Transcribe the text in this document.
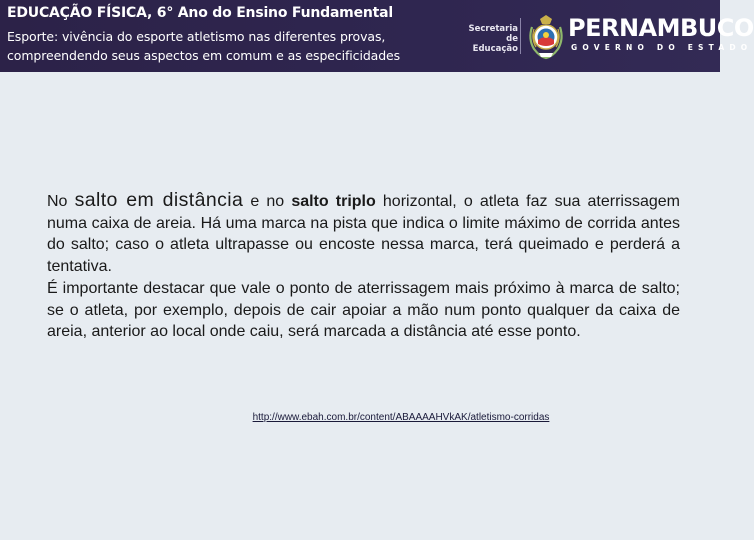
EDUCAÇÃO FÍSICA, 6° Ano do Ensino Fundamental
Esporte: vivência do esporte atletismo nas diferentes provas,
compreendendo seus aspectos em comum e as especificidades
Secretaria de
Educação
PERNAMBUCO
GOVERNO DO ESTADO

No salto em distância e no salto triplo horizontal, o atleta faz sua aterrissagem numa caixa de areia. Há uma marca na pista que indica o limite máximo de corrida antes do salto; caso o atleta ultrapasse ou encoste nessa marca, terá queimado e perderá a tentativa.

É importante destacar que vale o ponto de aterrissagem mais próximo à marca de salto; se o atleta, por exemplo, depois de cair apoiar a mão num ponto qualquer da caixa de areia, anterior ao local onde caiu, será marcada a distância até esse ponto.

http://www.ebah.com.br/content/ABAAAAHVkAK/atletismo-corridas
